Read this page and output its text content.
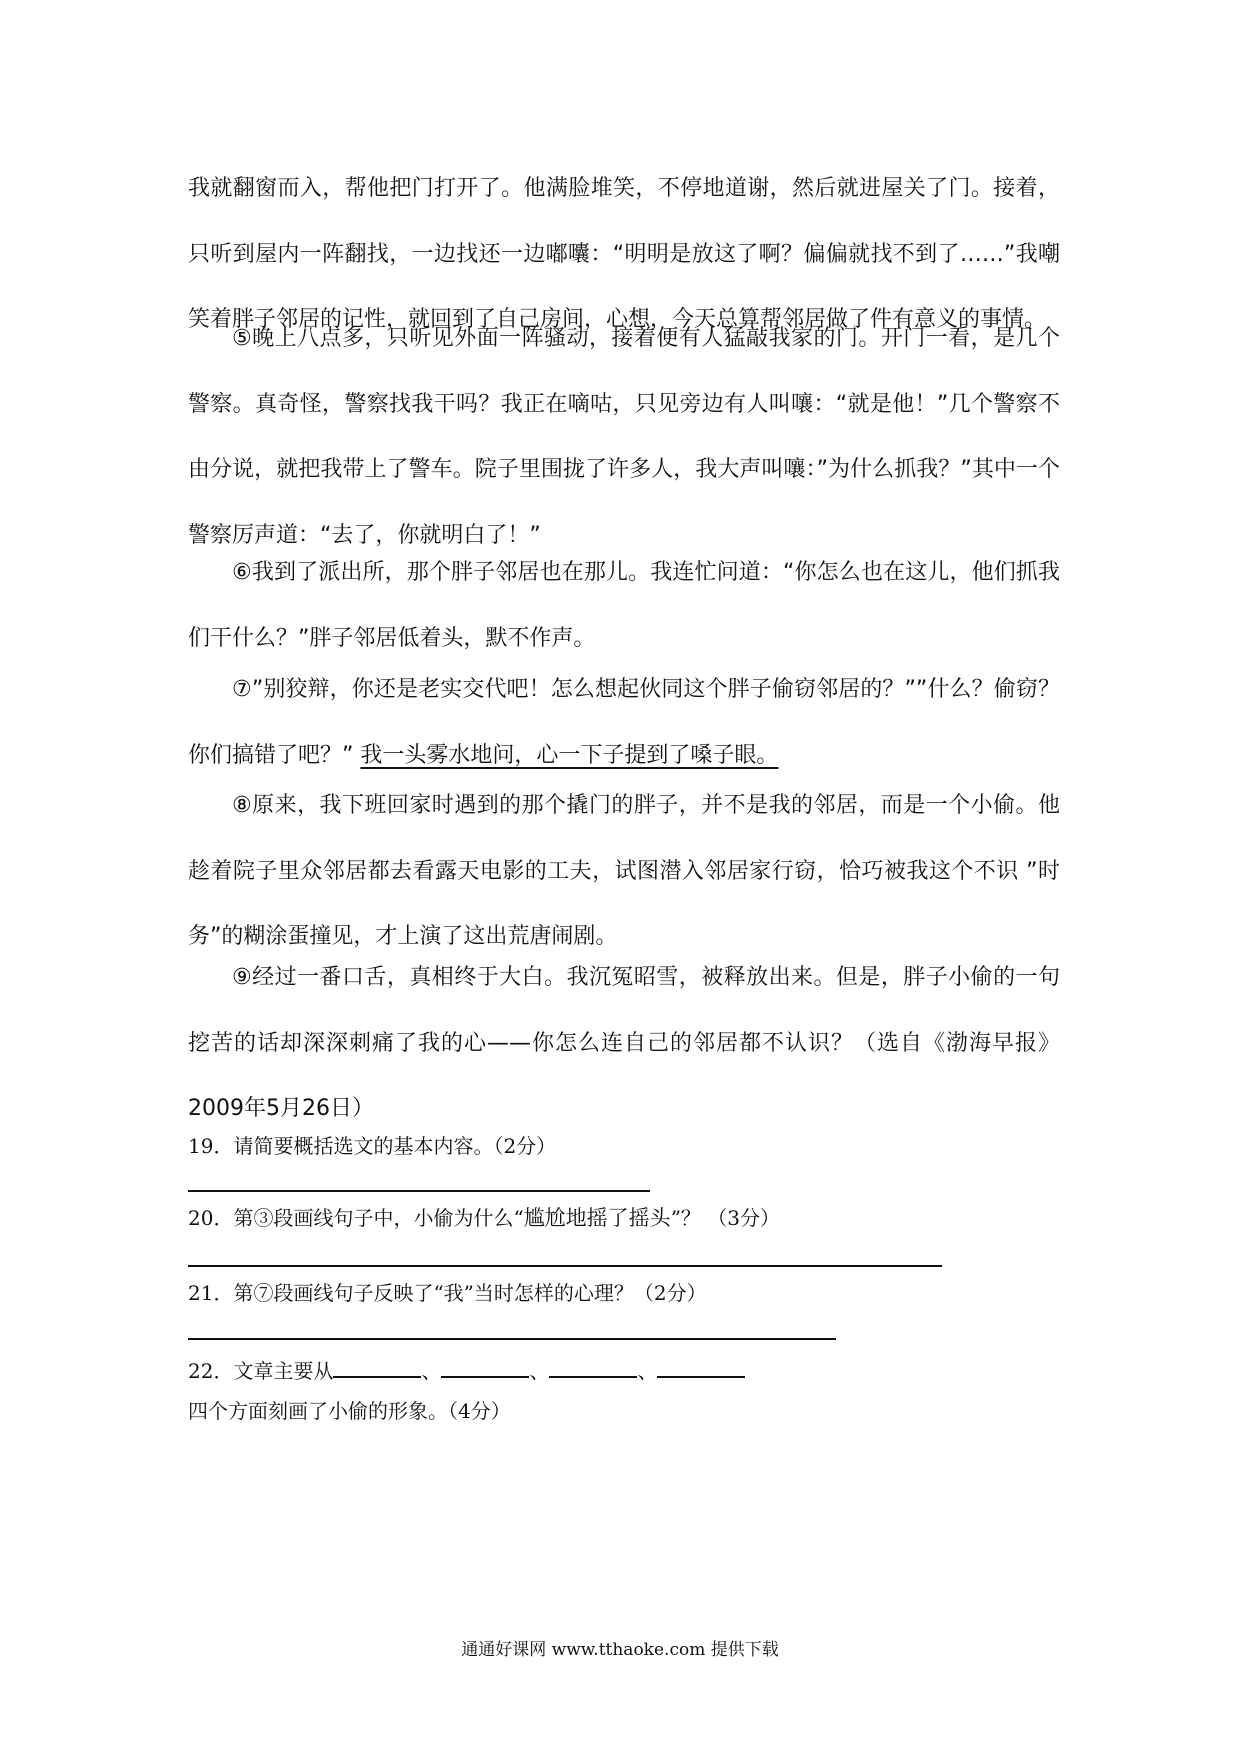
我就翻窗而入，帮他把门打开了。他满脸堆笑，不停地道谢，然后就进屋关了门。接着，只听到屋内一阵翻找，一边找还一边嘟囔：“明明是放这了啊？偏偏就找不到了……”我嘲笑着胖子邻居的记性，就回到了自己房间，心想，今天总算帮邻居做了件有意义的事情。

⑤晚上八点多，只听见外面一阵骚动，接着便有人猛敲我家的门。开门一看，是几个警察。真奇怪，警察找我干吗？我正在嘀咕，只见旁边有人叫嚷：“就是他！”几个警察不由分说，就把我带上了警车。院子里围拢了许多人，我大声叫嚷：”为什么抓我？”其中一个警察厉声道：“去了，你就明白了！”

⑥我到了派出所，那个胖子邻居也在那儿。我连忙问道：“你怎么也在这儿，他们抓我们干什么？”胖子邻居低着头，默不作声。

⑦”别狡辩，你还是老实交代吧！怎么想起伙同这个胖子偷窃邻居的？””什么？偷窃？你们搞错了吧？” 我一头雾水地问，心一下子提到了嗓子眼。

⑧原来，我下班回家时遇到的那个撬门的胖子，并不是我的邻居，而是一个小偷。他趁着院子里众邻居都去看露天电影的工夫，试图潜入邻居家行窃，恰巧被我这个不识 ”时务”的糊涂蛋撞见，才上演了这出荒唐闹剧。

⑨经过一番口舌，真相终于大白。我沉冤昭雪，被释放出来。但是，胖子小偷的一句挖苦的话却深深刺痛了我的心——你怎么连自己的邻居都不认识？（选自《渤海早报》2009年5月26日）

19．请简要概括选文的基本内容。（2分）

20．第③段画线句子中，小偷为什么“尴尬地摇了摇头”？ （3分）

21．第⑦段画线句子反映了“我”当时怎样的心理？（2分）

22．文章主要从	、	、	、四个方面刻画了小偷的形象。（4分）

通通好课网 www.tthaoke.com 提供下载
